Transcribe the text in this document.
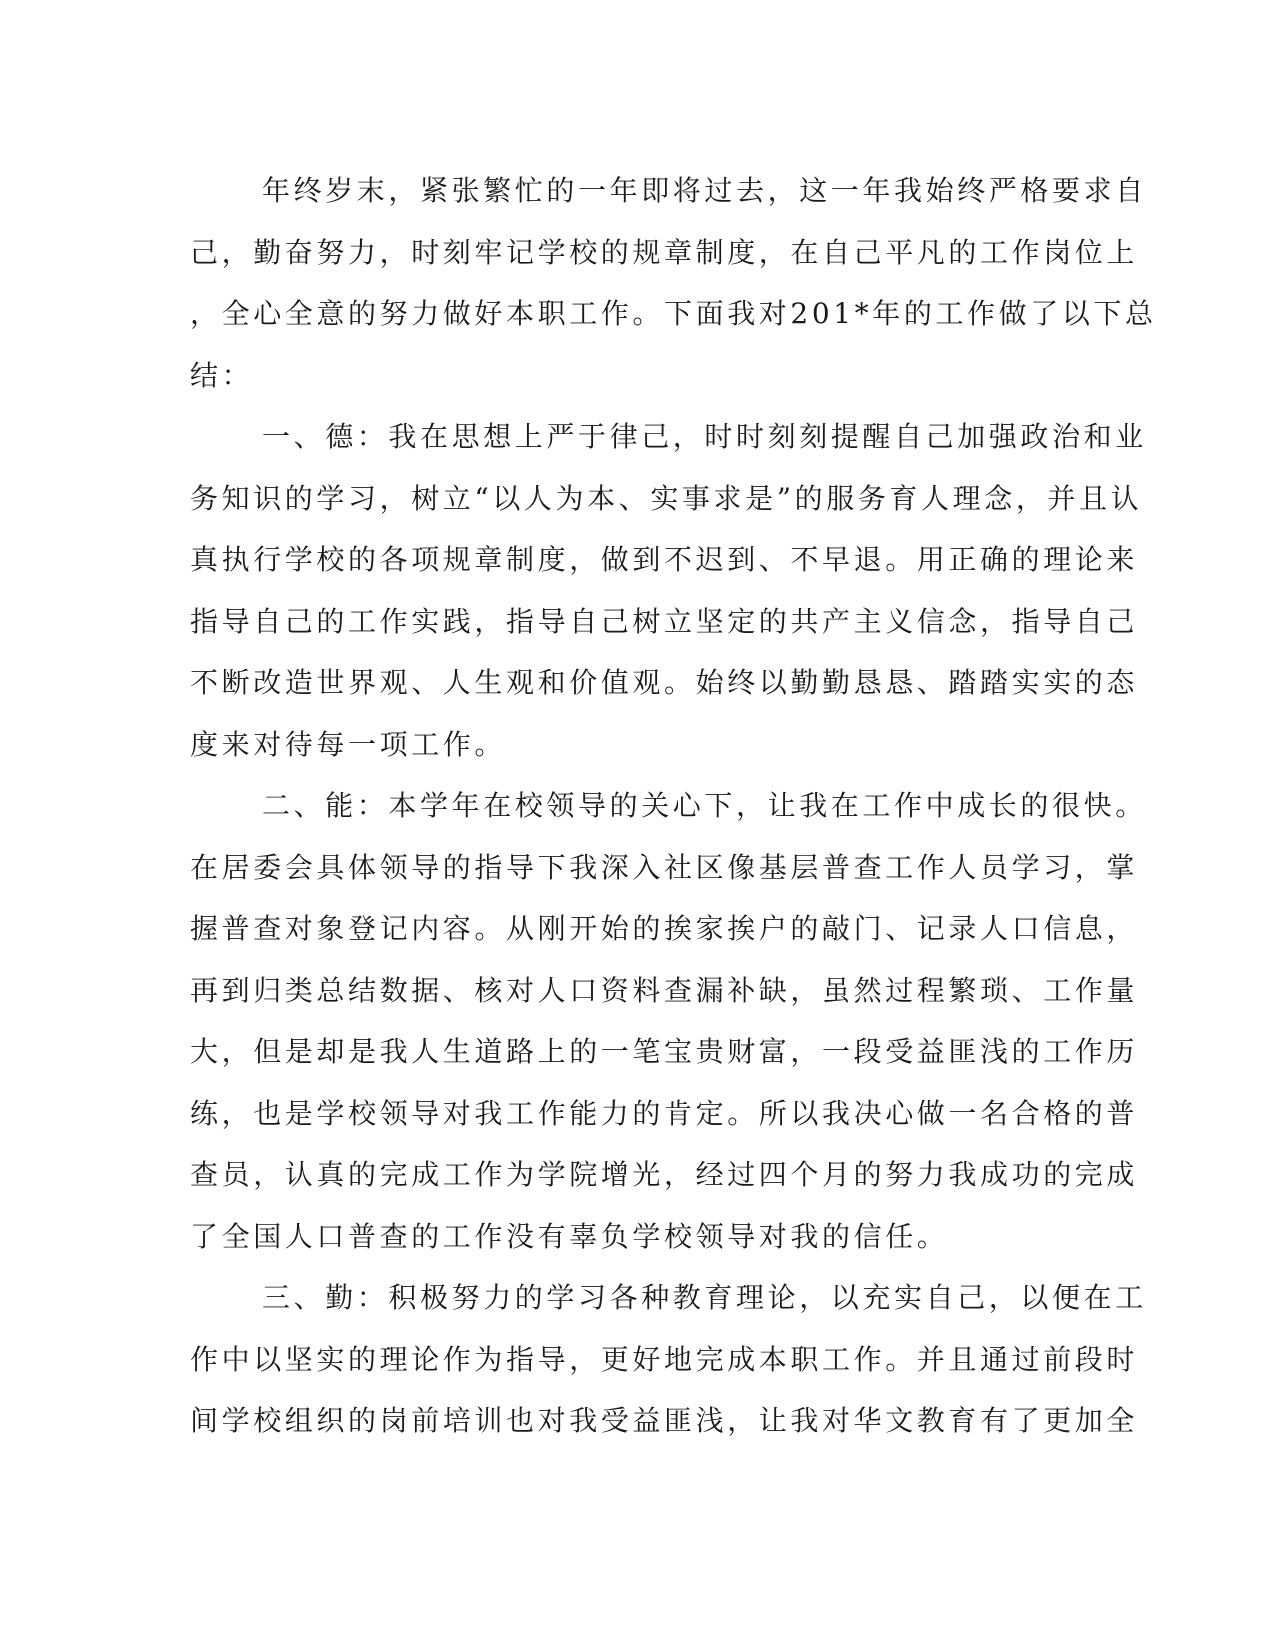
年终岁末，紧张繁忙的一年即将过去，这一年我始终严格要求自
己，勤奋努力，时刻牢记学校的规章制度，在自己平凡的工作岗位上
，全心全意的努力做好本职工作。下面我对201*年的工作做了以下总
结：
一、德：我在思想上严于律己，时时刻刻提醒自己加强政治和业
务知识的学习，树立“以人为本、实事求是”的服务育人理念，并且认
真执行学校的各项规章制度，做到不迟到、不早退。用正确的理论来
指导自己的工作实践，指导自己树立坚定的共产主义信念，指导自己
不断改造世界观、人生观和价值观。始终以勤勤恳恳、踏踏实实的态
度来对待每一项工作。
二、能：本学年在校领导的关心下，让我在工作中成长的很快。
在居委会具体领导的指导下我深入社区像基层普查工作人员学习，掌
握普查对象登记内容。从刚开始的挨家挨户的敲门、记录人口信息，
再到归类总结数据、核对人口资料查漏补缺，虽然过程繁琐、工作量
大，但是却是我人生道路上的一笔宝贵财富，一段受益匪浅的工作历
练，也是学校领导对我工作能力的肯定。所以我决心做一名合格的普
查员，认真的完成工作为学院增光，经过四个月的努力我成功的完成
了全国人口普查的工作没有辜负学校领导对我的信任。
三、勤：积极努力的学习各种教育理论，以充实自己，以便在工
作中以坚实的理论作为指导，更好地完成本职工作。并且通过前段时
间学校组织的岗前培训也对我受益匪浅，让我对华文教育有了更加全
